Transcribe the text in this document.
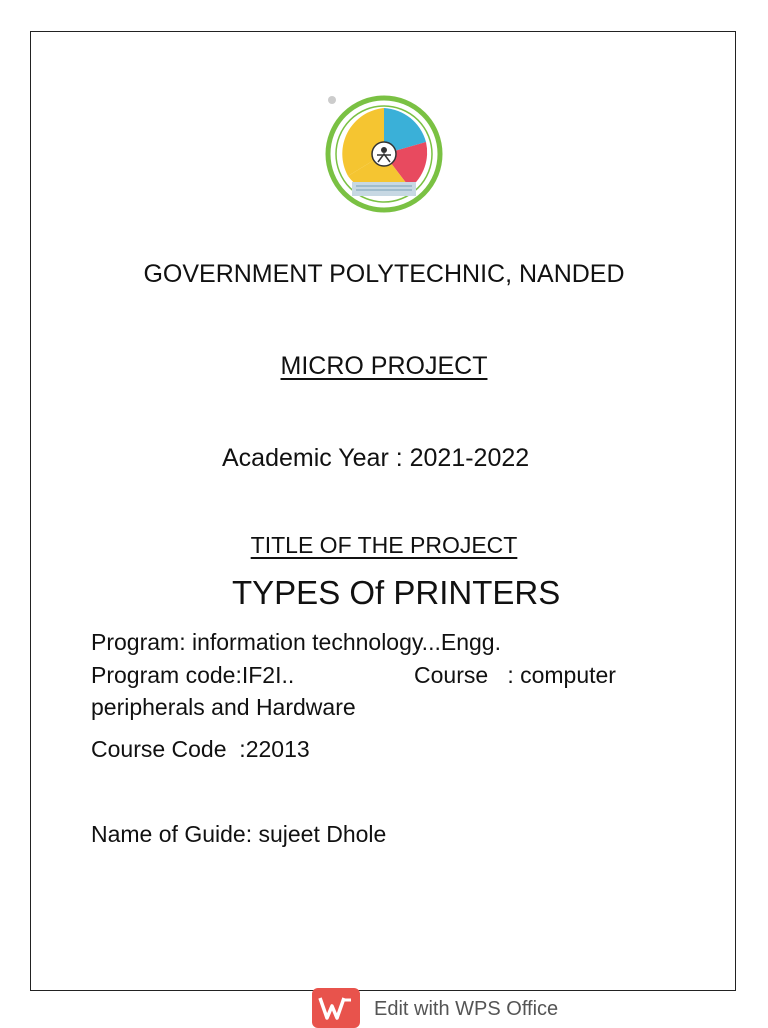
GOVERNMENT POLYTECHNIC, NANDED
MICRO PROJECT
Academic Year : 2021-2022
TITLE OF THE PROJECT
TYPES Of PRINTERS
Program: information technology...Engg.
Program code:IF2I..	Course   : computer
peripherals and Hardware
Course Code  :22013
Name of Guide: sujeet Dhole
Edit with WPS Office
